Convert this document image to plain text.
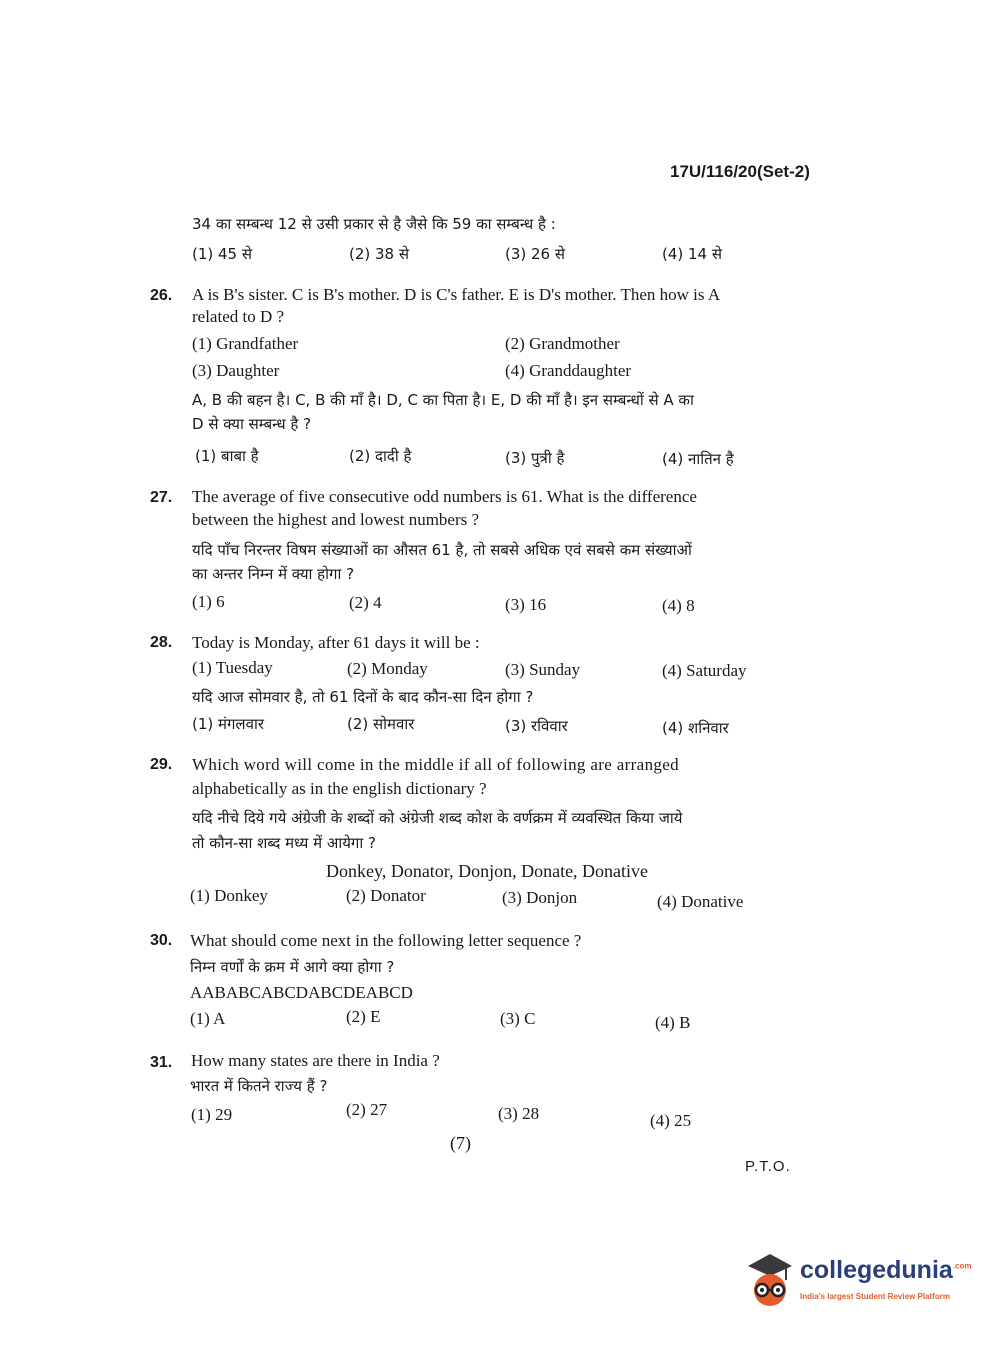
17U/116/20(Set-2)
34 का सम्बन्ध 12 से उसी प्रकार से है जैसे कि 59 का सम्बन्ध है :
(1) 45 से	(2) 38 से	(3) 26 से	(4) 14 से
26. A is B's sister. C is B's mother. D is C's father. E is D's mother. Then how is A
related to D ?
(1) Grandfather	(2) Grandmother
(3) Daughter	(4) Granddaughter
A, B की बहन है। C, B की माँ है। D, C का पिता है। E, D की माँ है। इन सम्बन्धों से A का
D से क्या सम्बन्ध है ?
(1) बाबा है	(2) दादी है	(3) पुत्री है	(4) नातिन है
27. The average of five consecutive odd numbers is 61. What is the difference
between the highest and lowest numbers ?
यदि पाँच निरन्तर विषम संख्याओं का औसत 61 है, तो सबसे अधिक एवं सबसे कम संख्याओं
का अन्तर निम्न में क्या होगा ?
(1) 6	(2) 4	(3) 16	(4) 8
28. Today is Monday, after 61 days it will be :
(1) Tuesday	(2) Monday	(3) Sunday	(4) Saturday
यदि आज सोमवार है, तो 61 दिनों के बाद कौन-सा दिन होगा ?
(1) मंगलवार	(2) सोमवार	(3) रविवार	(4) शनिवार
29. Which word will come in the middle if all of following are arranged
alphabetically as in the english dictionary ?
यदि नीचे दिये गये अंग्रेजी के शब्दों को अंग्रेजी शब्द कोश के वर्णक्रम में व्यवस्थित किया जाये
तो कौन-सा शब्द मध्य में आयेगा ?
Donkey, Donator, Donjon, Donate, Donative
(1) Donkey	(2) Donator	(3) Donjon	(4) Donative
30. What should come next in the following letter sequence ?
निम्न वर्णों के क्रम में आगे क्या होगा ?
AABABCABCDABCDEABCD
(1) A	(2) E	(3) C	(4) B
31. How many states are there in India ?
भारत में कितने राज्य हैं ?
(1) 29	(2) 27	(3) 28	(4) 25
(7)
P.T.O.
collegedunia$^{.com}$
India's largest Student Review Platform
